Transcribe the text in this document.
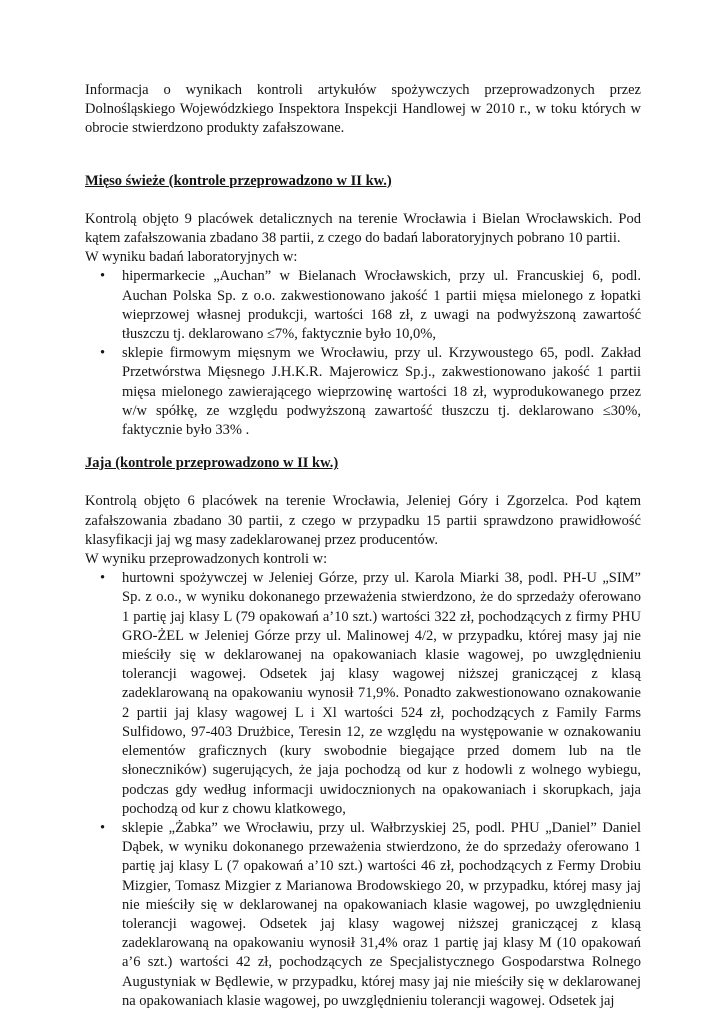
Informacja o wynikach kontroli artykułów spożywczych przeprowadzonych przez Dolnośląskiego Wojewódzkiego Inspektora Inspekcji Handlowej w 2010 r., w toku których w obrocie stwierdzono produkty zafałszowane.

Mięso świeże (kontrole przeprowadzono w II kw.)

Kontrolą objęto 9 placówek detalicznych na terenie Wrocławia i Bielan Wrocławskich. Pod kątem zafałszowania zbadano 38 partii, z czego do badań laboratoryjnych pobrano 10 partii.

W wyniku badań laboratoryjnych w:

• hipermarkecie „Auchan” w Bielanach Wrocławskich, przy ul. Francuskiej 6, podl. Auchan Polska Sp. z o.o. zakwestionowano jakość 1 partii mięsa mielonego z łopatki wieprzowej własnej produkcji, wartości 168 zł, z uwagi na podwyższoną zawartość tłuszczu tj. deklarowano ≤7%, faktycznie było 10,0%,
• sklepie firmowym mięsnym we Wrocławiu, przy ul. Krzywoustego 65, podl. Zakład Przetwórstwa Mięsnego J.H.K.R. Majerowicz Sp.j., zakwestionowano jakość 1 partii mięsa mielonego zawierającego wieprzowinę wartości 18 zł, wyprodukowanego przez w/w spółkę, ze względu podwyższoną zawartość tłuszczu tj. deklarowano ≤30%, faktycznie było 33% .
Jaja (kontrole przeprowadzono w II kw.)

Kontrolą objęto 6 placówek na terenie Wrocławia, Jeleniej Góry i Zgorzelca. Pod kątem zafałszowania zbadano 30 partii, z czego w przypadku 15 partii sprawdzono prawidłowość klasyfikacji jaj wg masy zadeklarowanej przez producentów.

W wyniku przeprowadzonych kontroli w:

• hurtowni spożywczej w Jeleniej Górze, przy ul. Karola Miarki 38, podl. PH-U „SIM” Sp. z o.o., w wyniku dokonanego przeważenia stwierdzono, że do sprzedaży oferowano 1 partię jaj klasy L (79 opakowań a’10 szt.) wartości 322 zł, pochodzących z firmy PHU GRO-ŻEL w Jeleniej Górze przy ul. Malinowej 4/2, w przypadku, której masy jaj nie mieściły się w deklarowanej na opakowaniach klasie wagowej, po uwzględnieniu tolerancji wagowej. Odsetek jaj klasy wagowej niższej graniczącej z klasą zadeklarowaną na opakowaniu wynosił 71,9%. Ponadto zakwestionowano oznakowanie 2 partii jaj klasy wagowej L i Xl wartości 524 zł, pochodzących z Family Farms Sulfidowo, 97-403 Drużbice, Teresin 12, ze względu na występowanie w oznakowaniu elementów graficznych (kury swobodnie biegające przed domem lub na tle słoneczników) sugerujących, że jaja pochodzą od kur z hodowli z wolnego wybiegu, podczas gdy według informacji uwidocznionych na opakowaniach i skorupkach, jaja pochodzą od kur z chowu klatkowego,
• sklepie „Żabka” we Wrocławiu, przy ul. Wałbrzyskiej 25, podl. PHU „Daniel” Daniel Dąbek, w wyniku dokonanego przeważenia stwierdzono, że do sprzedaży oferowano 1 partię jaj klasy L (7 opakowań a’10 szt.) wartości 46 zł, pochodzących z Fermy Drobiu Mizgier, Tomasz Mizgier z Marianowa Brodowskiego 20, w przypadku, której masy jaj nie mieściły się w deklarowanej na opakowaniach klasie wagowej, po uwzględnieniu tolerancji wagowej. Odsetek jaj klasy wagowej niższej graniczącej z klasą zadeklarowaną na opakowaniu wynosił 31,4% oraz 1 partię jaj klasy M (10 opakowań a’6 szt.) wartości 42 zł, pochodzących ze Specjalistycznego Gospodarstwa Rolnego Augustyniak w Będlewie, w przypadku, której masy jaj nie mieściły się w deklarowanej na opakowaniach klasie wagowej, po uwzględnieniu tolerancji wagowej. Odsetek jaj
